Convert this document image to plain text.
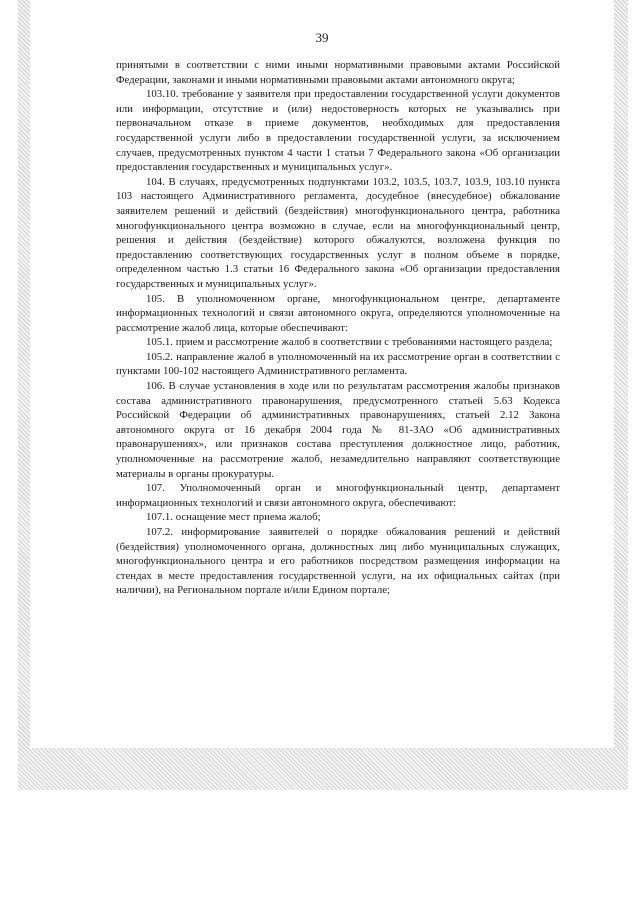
39

принятыми в соответствии с ними иными нормативными правовыми актами Российской Федерации, законами и иными нормативными правовыми актами автономного округа;

103.10. требование у заявителя при предоставлении государственной услуги документов или информации, отсутствие и (или) недостоверность которых не указывались при первоначальном отказе в приеме документов, необходимых для предоставления государственной услуги либо в предоставлении государственной услуги, за исключением случаев, предусмотренных пунктом 4 части 1 статьи 7 Федерального закона «Об организации предоставления государственных и муниципальных услуг».

104. В случаях, предусмотренных подпунктами 103.2, 103.5, 103.7, 103.9, 103.10 пункта 103 настоящего Административного регламента, досудебное (внесудебное) обжалование заявителем решений и действий (бездействия) многофункционального центра, работника многофункционального центра возможно в случае, если на многофункциональный центр, решения и действия (бездействие) которого обжалуются, возложена функция по предоставлению соответствующих государственных услуг в полном объеме в порядке, определенном частью 1.3 статьи 16 Федерального закона «Об организации предоставления государственных и муниципальных услуг».

105. В уполномоченном органе, многофункциональном центре, департаменте информационных технологий и связи автономного округа, определяются уполномоченные на рассмотрение жалоб лица, которые обеспечивают:

105.1. прием и рассмотрение жалоб в соответствии с требованиями настоящего раздела;

105.2. направление жалоб в уполномоченный на их рассмотрение орган в соответствии с пунктами 100-102 настоящего Административного регламента.

106. В случае установления в ходе или по результатам рассмотрения жалобы признаков состава административного правонарушения, предусмотренного статьей 5.63 Кодекса Российской Федерации об административных правонарушениях, статьей 2.12 Закона автономного округа от 16 декабря 2004 года № 81-ЗАО «Об административных правонарушениях», или признаков состава преступления должностное лицо, работник, уполномоченные на рассмотрение жалоб, незамедлительно направляют соответствующие материалы в органы прокуратуры.

107. Уполномоченный орган и многофункциональный центр, департамент информационных технологий и связи автономного округа, обеспечивают:

107.1. оснащение мест приема жалоб;

107.2. информирование заявителей о порядке обжалования решений и действий (бездействия) уполномоченного органа, должностных лиц либо муниципальных служащих, многофункционального центра и его работников посредством размещения информации на стендах в месте предоставления государственной услуги, на их официальных сайтах (при наличии), на Региональном портале и/или Едином портале;
